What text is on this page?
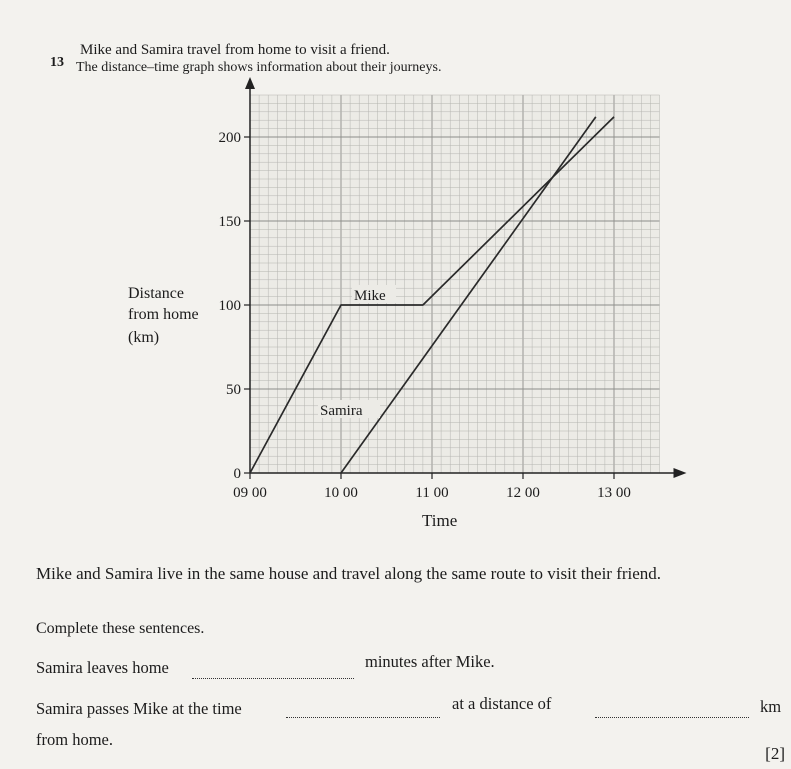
13
Mike and Samira travel from home to visit a friend.
The distance–time graph shows information about their journeys.
Distance
from home
(km)
0
50
100
150
200
09 00	10 00	11 00	12 00	13 00
Mike
Samira
Time
Mike and Samira live in the same house and travel along the same route to visit their friend.
Complete these sentences.
Samira leaves home	minutes after Mike.
Samira passes Mike at the time	at a distance of	km
from home.
[2]
